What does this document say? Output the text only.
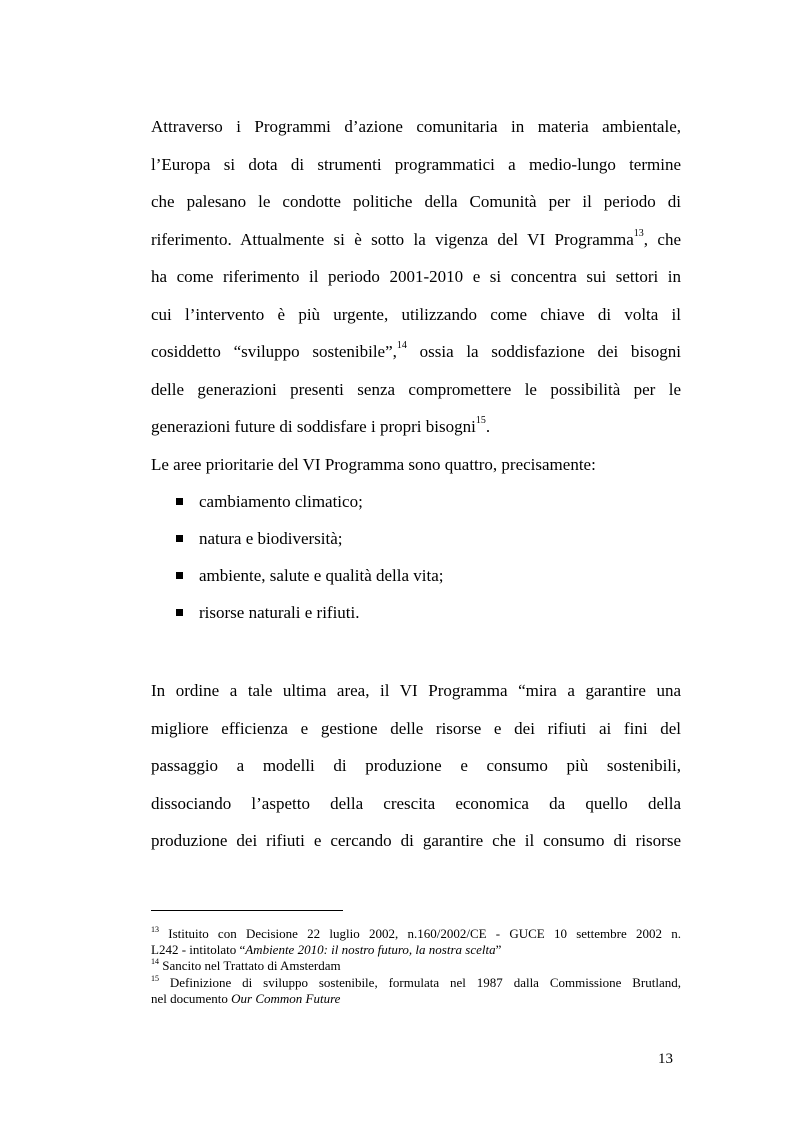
Attraverso i Programmi d’azione comunitaria in materia ambientale,
l’Europa si dota di strumenti programmatici a medio-lungo termine
che palesano le condotte politiche della Comunità per il periodo di
riferimento. Attualmente si è sotto la vigenza del VI Programma$^{13}$, che
ha come riferimento il periodo 2001-2010 e si concentra sui settori in
cui l’intervento è più urgente, utilizzando come chiave di volta il
cosiddetto “sviluppo sostenibile”,$^{14}$ ossia la soddisfazione dei bisogni
delle generazioni presenti senza compromettere le possibilità per le
generazioni future di soddisfare i propri bisogni$^{15}$.
Le aree prioritarie del VI Programma sono quattro, precisamente:
cambiamento climatico;
natura e biodiversità;
ambiente, salute e qualità della vita;
risorse naturali e rifiuti.
In ordine a tale ultima area, il VI Programma “mira a garantire una
migliore efficienza e gestione delle risorse e dei rifiuti ai fini del
passaggio a modelli di produzione e consumo più sostenibili,
dissociando l’aspetto della crescita economica da quello della
produzione dei rifiuti e cercando di garantire che il consumo di risorse
$^{13}$ Istituito con Decisione 22 luglio 2002, n.160/2002/CE - GUCE 10 settembre 2002 n.
L242 - intitolato “Ambiente 2010: il nostro futuro, la nostra scelta”
$^{14}$ Sancito nel Trattato di Amsterdam
$^{15}$ Definizione di sviluppo sostenibile, formulata nel 1987 dalla Commissione Brutland,
nel documento Our Common Future
13
